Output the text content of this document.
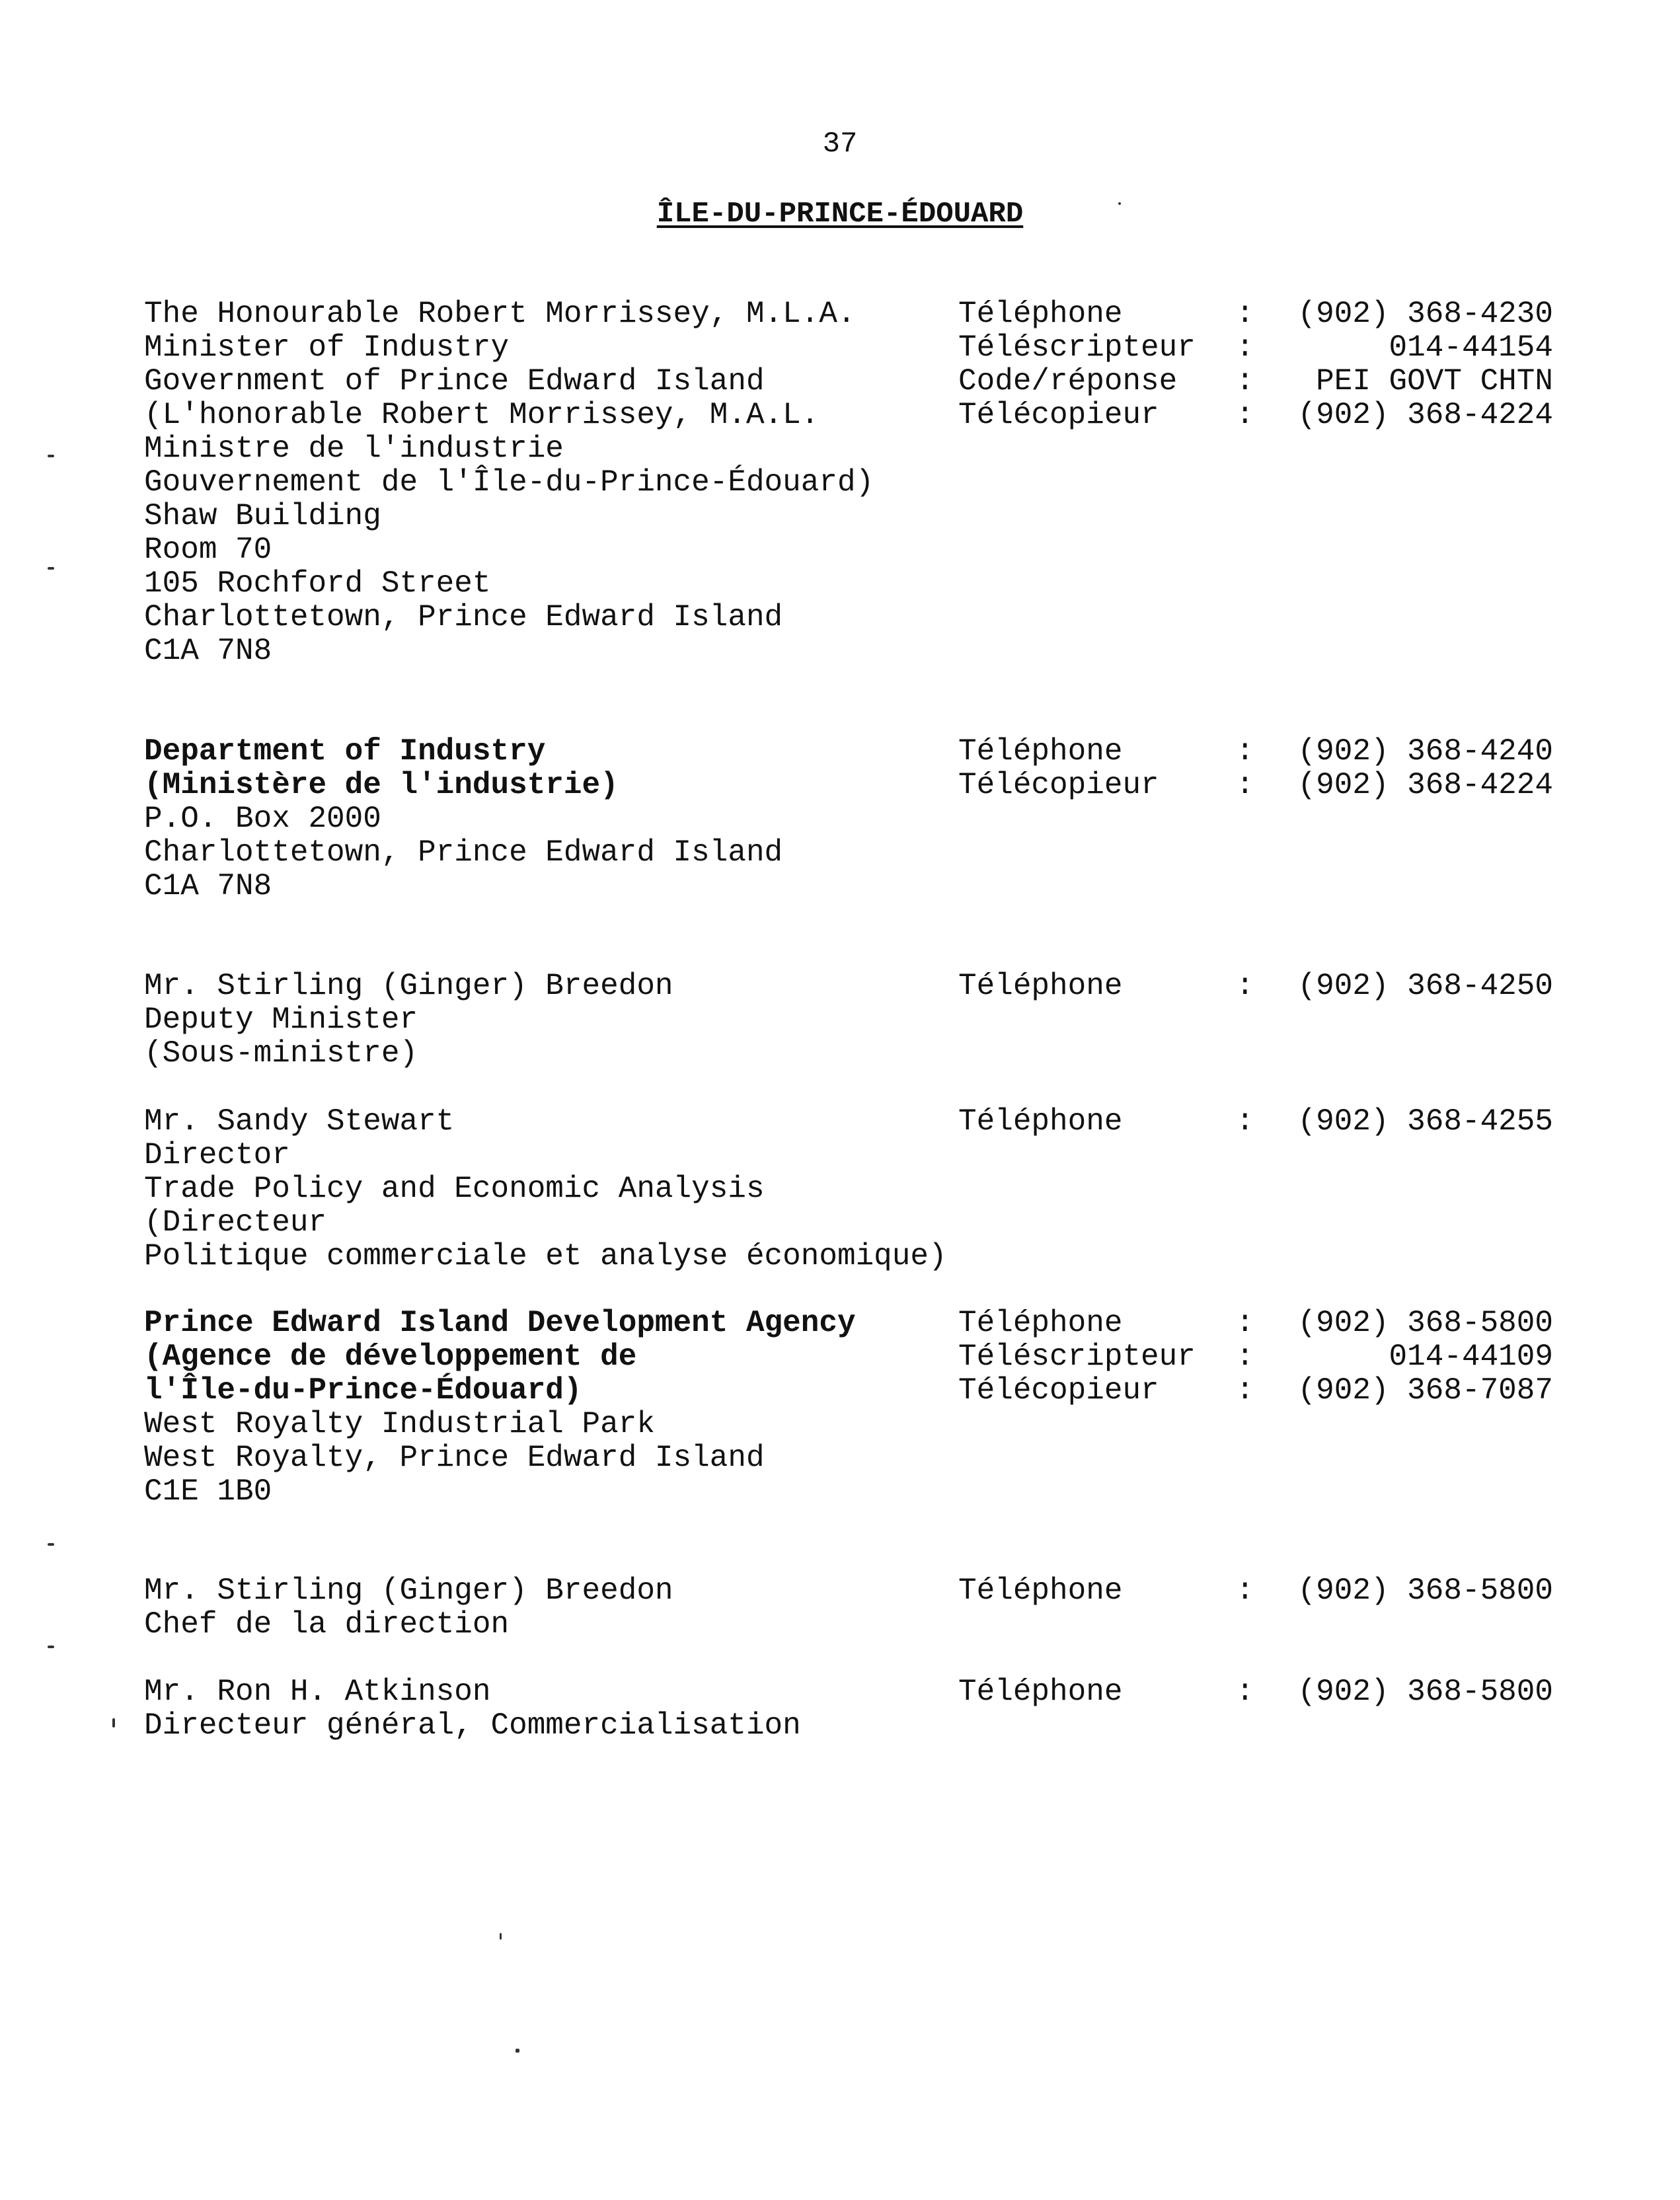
37
ÎLE-DU-PRINCE-ÉDOUARD
The Honourable Robert Morrissey, M.L.A.
Minister of Industry
Government of Prince Edward Island
(L'honorable Robert Morrissey, M.A.L.
Ministre de l'industrie
Gouvernement de l'Île-du-Prince-Édouard)
Shaw Building
Room 70
105 Rochford Street
Charlottetown, Prince Edward Island
C1A 7N8
Téléphone	: (902) 368-4230
Téléscripteur :	014-44154
Code/réponse : PEI GOVT CHTN
Télécopieur	: (902) 368-4224
Department of Industry
(Ministère de l'industrie)
P.O. Box 2000
Charlottetown, Prince Edward Island
C1A 7N8
Téléphone	: (902) 368-4240
Télécopieur	: (902) 368-4224
Mr. Stirling (Ginger) Breedon
Deputy Minister
(Sous-ministre)
Téléphone	: (902) 368-4250
Mr. Sandy Stewart
Director
Trade Policy and Economic Analysis
(Directeur
Politique commerciale et analyse économique)
Téléphone	: (902) 368-4255
Prince Edward Island Development Agency
(Agence de développement de
l'Île-du-Prince-Édouard)
West Royalty Industrial Park
West Royalty, Prince Edward Island
C1E 1B0
Téléphone	: (902) 368-5800
Téléscripteur :	014-44109
Télécopieur	: (902) 368-7087
Mr. Stirling (Ginger) Breedon
Chef de la direction
Téléphone	: (902) 368-5800
Mr. Ron H. Atkinson
Directeur général, Commercialisation
Téléphone	: (902) 368-5800
